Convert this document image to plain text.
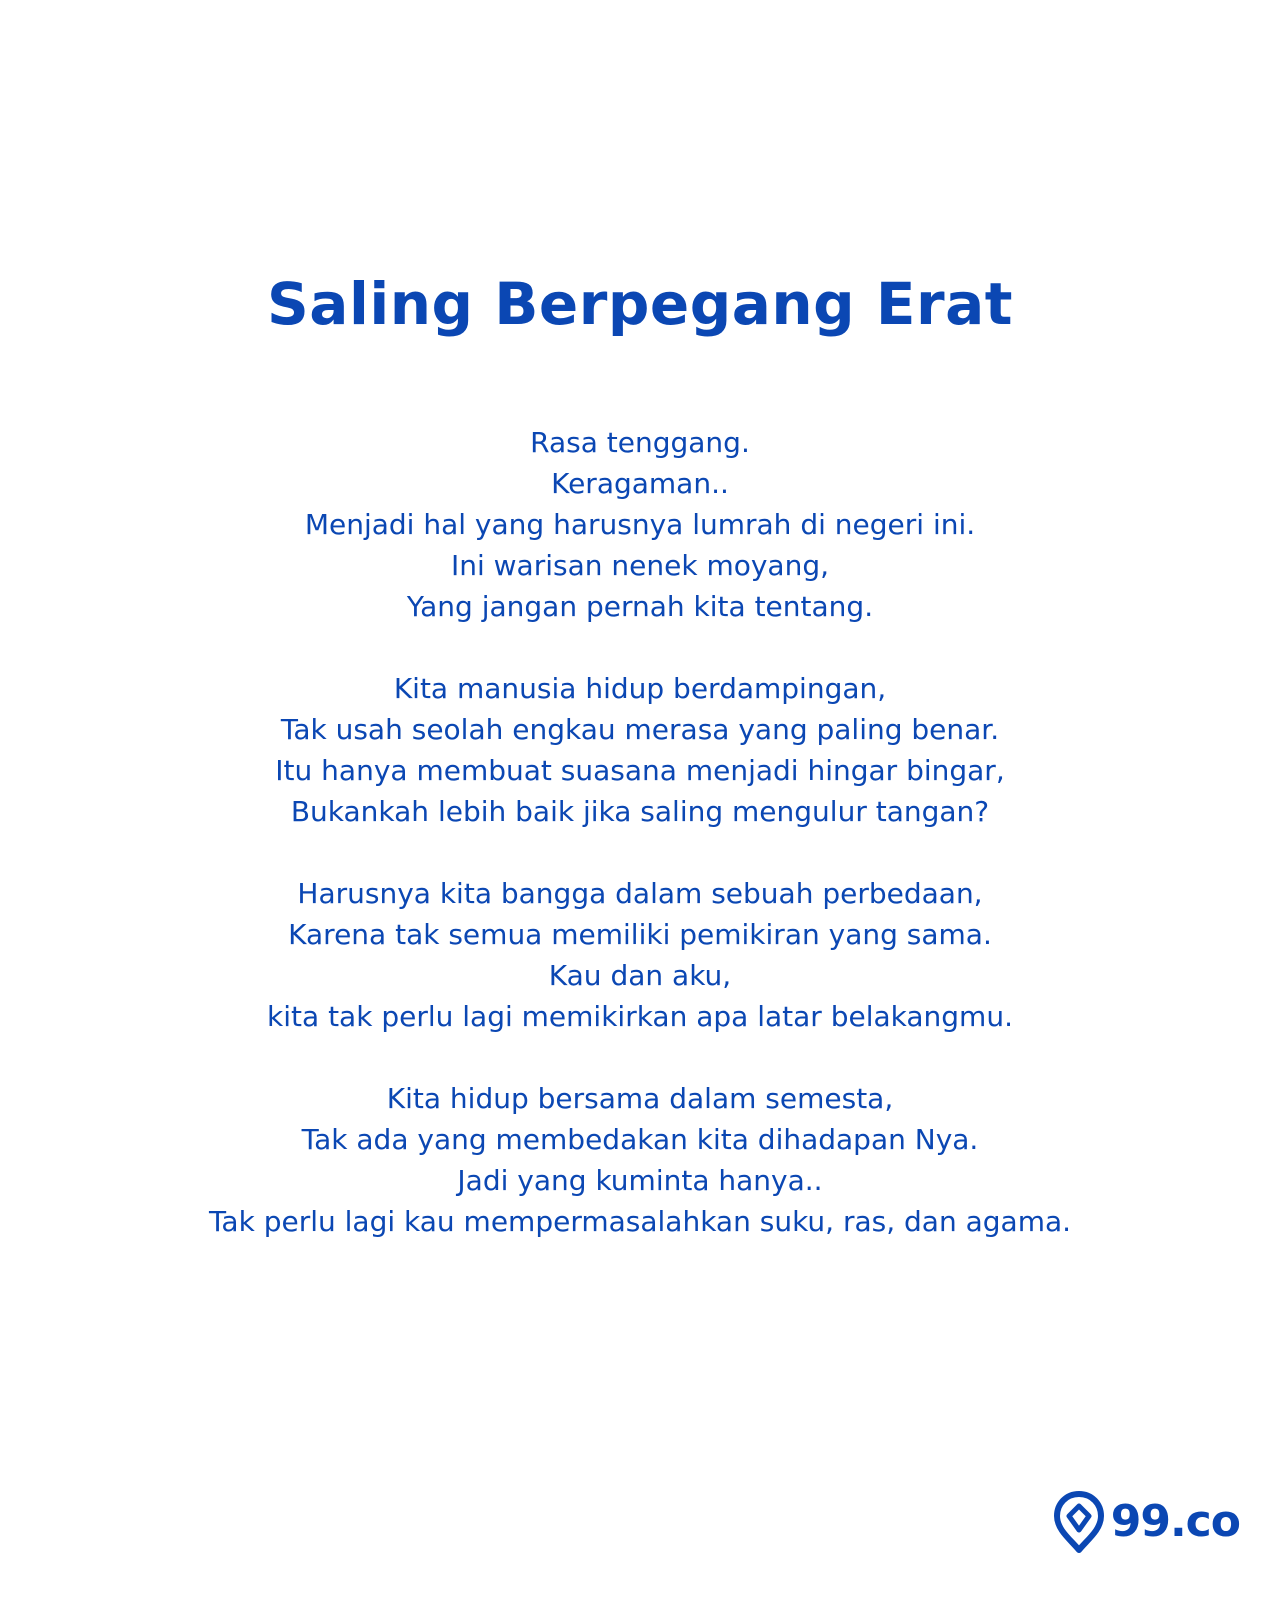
Saling Berpegang Erat

Rasa tenggang.
Keragaman..
Menjadi hal yang harusnya lumrah di negeri ini.
Ini warisan nenek moyang,
Yang jangan pernah kita tentang.

Kita manusia hidup berdampingan,
Tak usah seolah engkau merasa yang paling benar.
Itu hanya membuat suasana menjadi hingar bingar,
Bukankah lebih baik jika saling mengulur tangan?

Harusnya kita bangga dalam sebuah perbedaan,
Karena tak semua memiliki pemikiran yang sama.
Kau dan aku,
kita tak perlu lagi memikirkan apa latar belakangmu.

Kita hidup bersama dalam semesta,
Tak ada yang membedakan kita dihadapan Nya.
Jadi yang kuminta hanya..
Tak perlu lagi kau mempermasalahkan suku, ras, dan agama.

99.co
